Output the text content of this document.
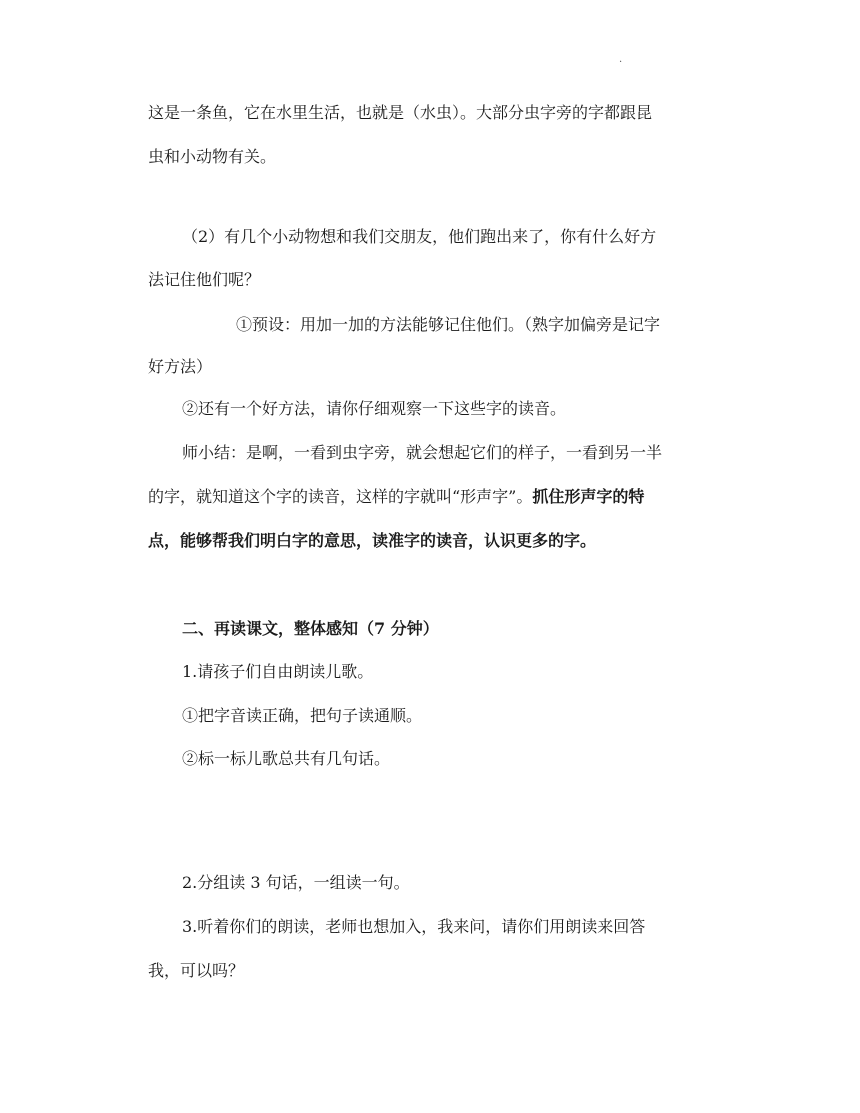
.
这是一条鱼，它在水里生活，也就是（水虫）。大部分虫字旁的字都跟昆
虫和小动物有关。
（2）有几个小动物想和我们交朋友，他们跑出来了，你有什么好方
法记住他们呢？
①预设：用加一加的方法能够记住他们。（熟字加偏旁是记字
好方法）
②还有一个好方法，请你仔细观察一下这些字的读音。
师小结：是啊，一看到虫字旁，就会想起它们的样子，一看到另一半
的字，就知道这个字的读音，这样的字就叫“形声字”。抓住形声字的特
点，能够帮我们明白字的意思，读准字的读音，认识更多的字。
二、再读课文，整体感知（7 分钟）
1.请孩子们自由朗读儿歌。
①把字音读正确，把句子读通顺。
②标一标儿歌总共有几句话。
2.分组读 3 句话，一组读一句。
3.听着你们的朗读，老师也想加入，我来问，请你们用朗读来回答
我，可以吗？
